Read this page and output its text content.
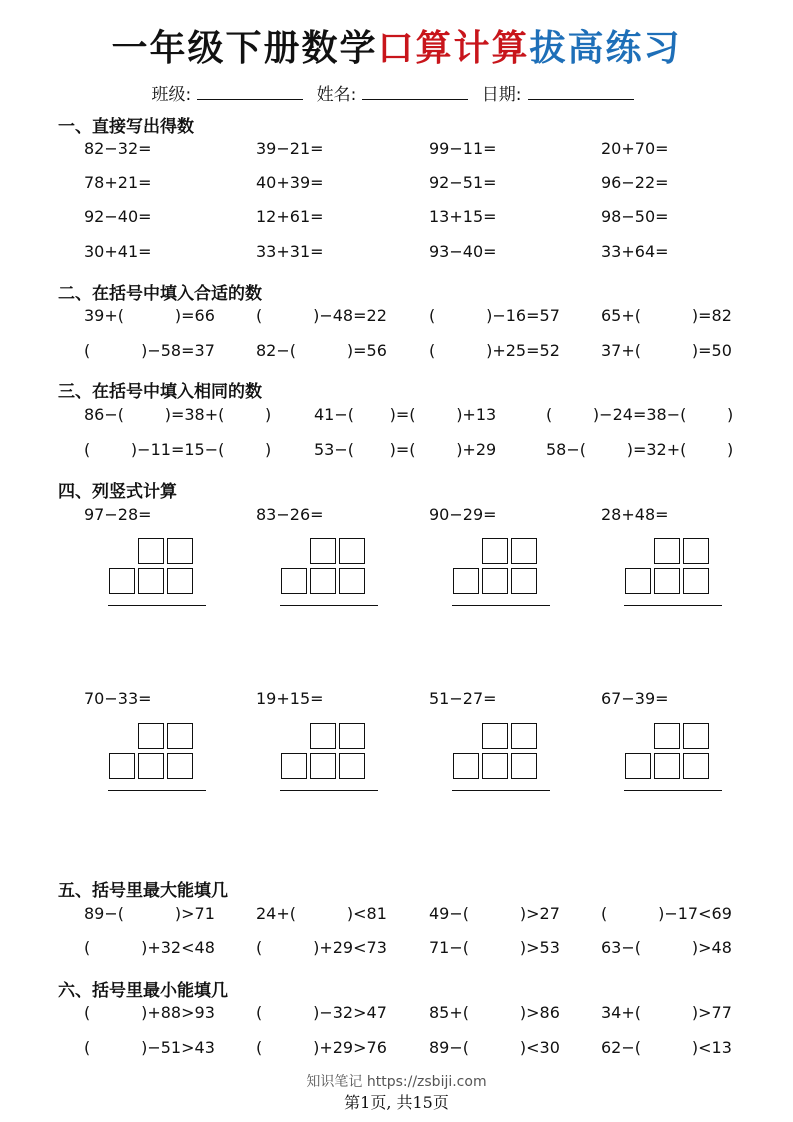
一年级下册数学口算计算拔高练习
班级:	姓名:	日期:
一、直接写出得数
82−32=	39−21=	99−11=	20+70=
78+21=	40+39=	92−51=	96−22=
92−40=	12+61=	13+15=	98−50=
30+41=	33+31=	93−40=	33+64=
二、在括号中填入合适的数
39+(          )=66	(          )−48=22	(          )−16=57	65+(          )=82
(          )−58=37	82−(          )=56	(          )+25=52	37+(          )=50
三、在括号中填入相同的数
86−(        )=38+(        )	41−(       )=(        )+13	(        )−24=38−(        )
(        )−11=15−(        )	53−(       )=(        )+29	58−(        )=32+(        )
四、列竖式计算
97−28=	83−26=	90−29=	28+48=
70−33=	19+15=	51−27=	67−39=
五、括号里最大能填几
89−(          )>71	24+(          )<81	49−(          )>27	(          )−17<69
(          )+32<48	(          )+29<73	71−(          )>53	63−(          )>48
六、括号里最小能填几
(          )+88>93	(          )−32>47	85+(          )>86	34+(          )>77
(          )−51>43	(          )+29>76	89−(          )<30	62−(          )<13
知识笔记 https://zsbiji.com
第1页, 共15页
